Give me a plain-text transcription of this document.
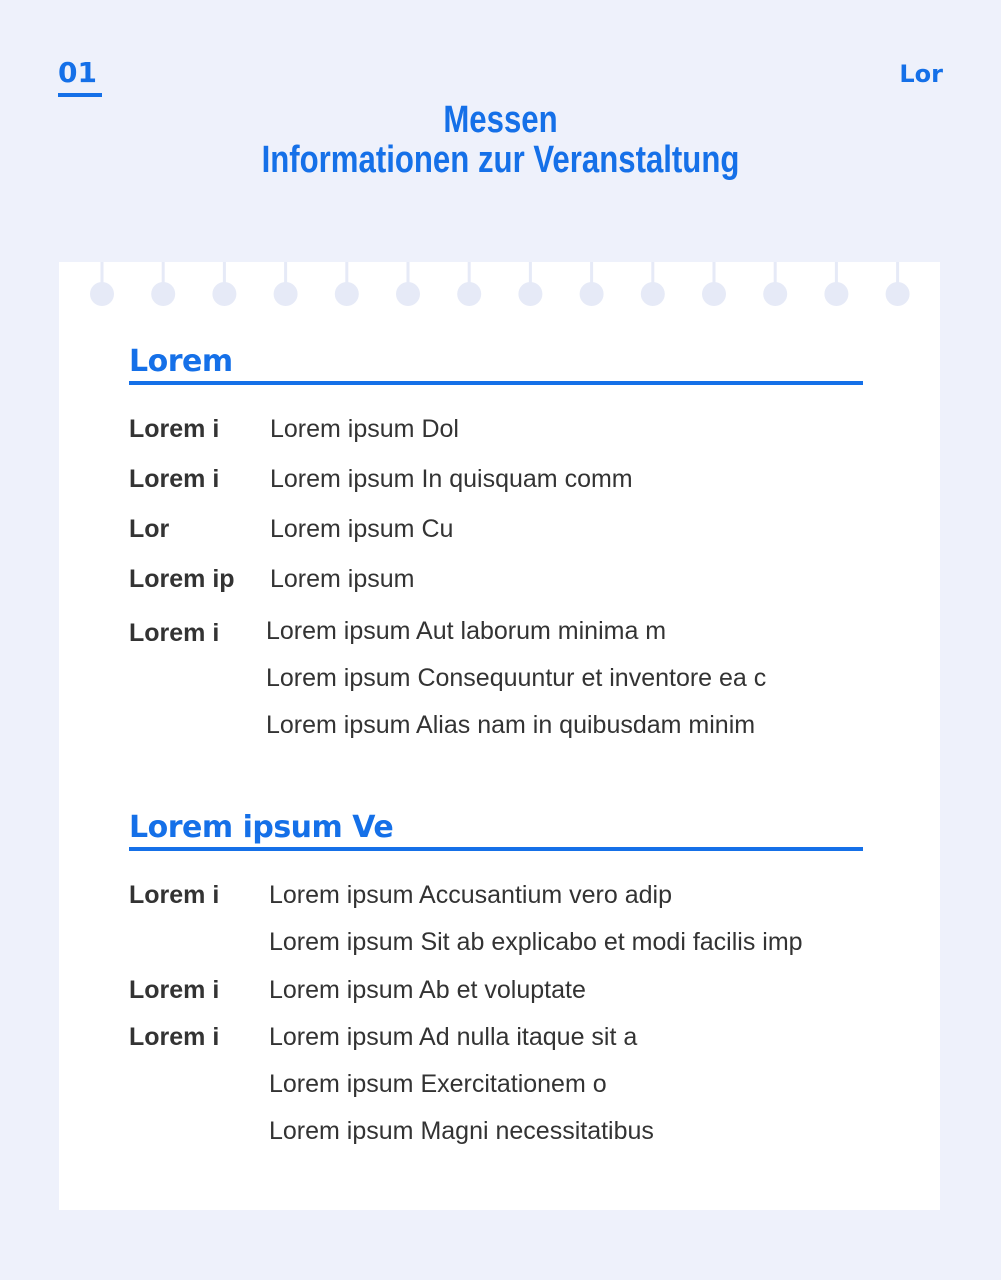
01	Lor
Messen
Informationen zur Veranstaltung
Lorem
Lorem i Lorem ipsum Dol
Lorem i Lorem ipsum In quisquam comm
Lor	Lorem ipsum Cu
Lorem ip Lorem ipsum
Lorem i Lorem ipsum Aut laborum minima m
Lorem ipsum Consequuntur et inventore ea c
Lorem ipsum Alias nam in quibusdam minim
Lorem ipsum Ve
Lorem i Lorem ipsum Accusantium vero adip
Lorem ipsum Sit ab explicabo et modi facilis imp
Lorem i Lorem ipsum Ab et voluptate
Lorem i Lorem ipsum Ad nulla itaque sit a
Lorem ipsum Exercitationem o
Lorem ipsum Magni necessitatibus
